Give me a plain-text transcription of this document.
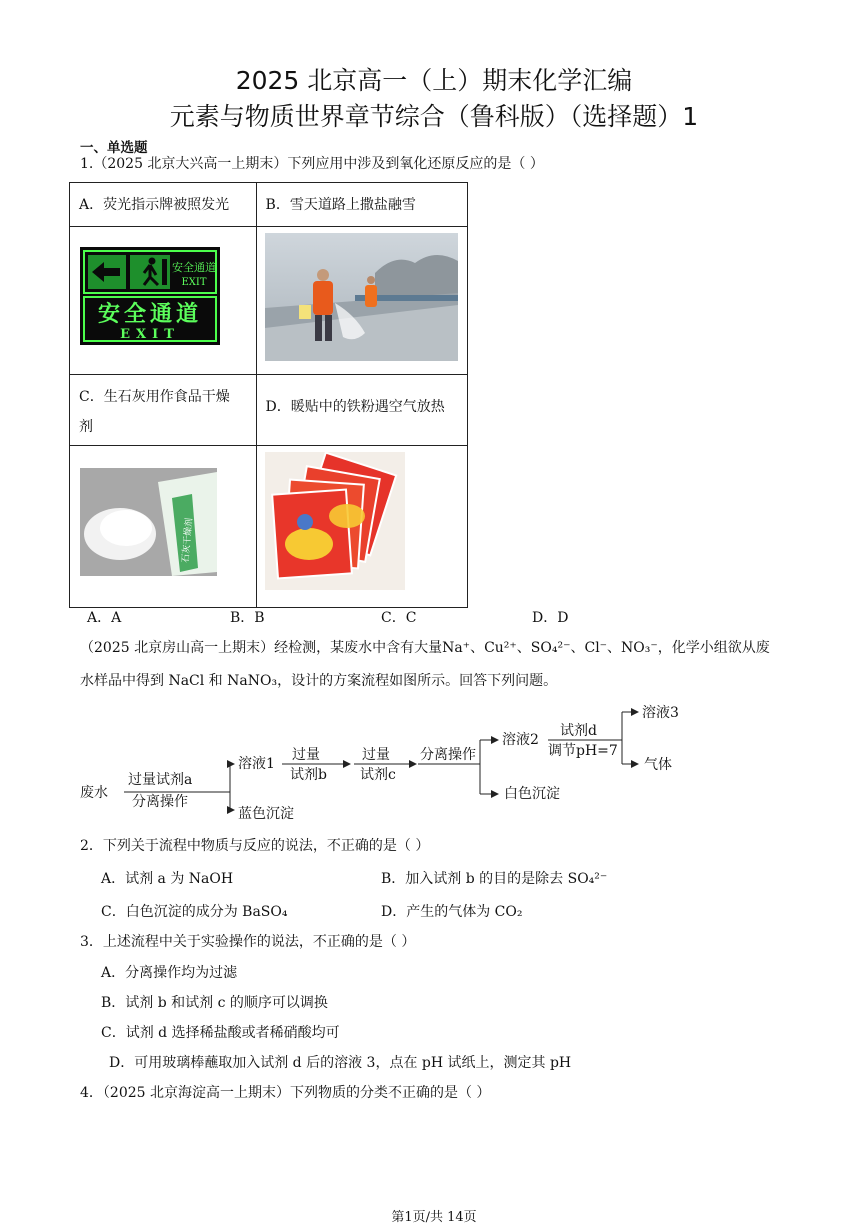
2025 北京高一（上）期末化学汇编
元素与物质世界章节综合（鲁科版）（选择题）1
一、单选题
1.（2025 北京大兴高一上期末）下列应用中涉及到氧化还原反应的是（ ）
A．荧光指示牌被照发光	B．雪天道路上撒盐融雪

安全通道
EXIT
安全通道
EXIT

C．生石灰用作食品干燥
剂	D．暖贴中的铁粉遇空气放热

石灰干燥剂

A．A	B．B	C．C	D．D
（2025 北京房山高一上期末）经检测，某废水中含有大量Na⁺、Cu²⁺、SO₄²⁻、Cl⁻、NO₃⁻，化学小组欲从废
水样品中得到 NaCl 和 NaNO₃，设计的方案流程如图所示。回答下列问题。
废水
过量试剂a
分离操作
溶液1
蓝色沉淀
过量
试剂b
过量
试剂c
分离操作
溶液2
白色沉淀
试剂d
调节pH=7
溶液3
气体
2．下列关于流程中物质与反应的说法，不正确的是（ ）
A．试剂 a 为 NaOH	B．加入试剂 b 的目的是除去 SO₄²⁻
C．白色沉淀的成分为 BaSO₄	D．产生的气体为 CO₂
3．上述流程中关于实验操作的说法，不正确的是（ ）
A．分离操作均为过滤
B．试剂 b 和试剂 c 的顺序可以调换
C．试剂 d 选择稀盐酸或者稀硝酸均可
D．可用玻璃棒蘸取加入试剂 d 后的溶液 3，点在 pH 试纸上，测定其 pH
4．（2025 北京海淀高一上期末）下列物质的分类不正确的是（ ）
第1页/共 14页
